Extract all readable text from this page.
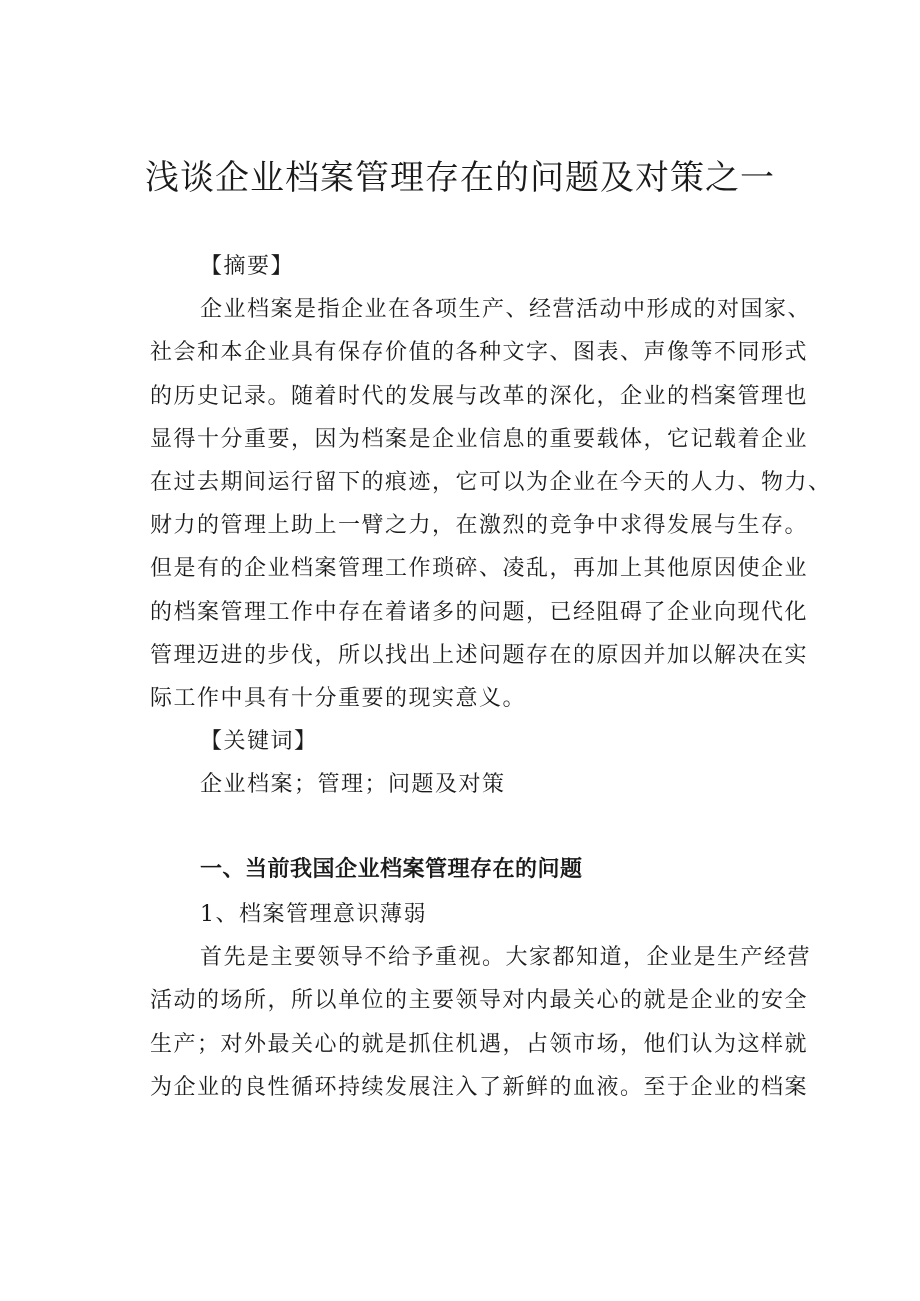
浅谈企业档案管理存在的问题及对策之一
【摘要】
企业档案是指企业在各项生产、经营活动中形成的对国家、
社会和本企业具有保存价值的各种文字、图表、声像等不同形式
的历史记录。随着时代的发展与改革的深化，企业的档案管理也
显得十分重要，因为档案是企业信息的重要载体，它记载着企业
在过去期间运行留下的痕迹，它可以为企业在今天的人力、物力、
财力的管理上助上一臂之力，在激烈的竞争中求得发展与生存。
但是有的企业档案管理工作琐碎、凌乱，再加上其他原因使企业
的档案管理工作中存在着诸多的问题，已经阻碍了企业向现代化
管理迈进的步伐，所以找出上述问题存在的原因并加以解决在实
际工作中具有十分重要的现实意义。
【关键词】
企业档案；管理；问题及对策
一、当前我国企业档案管理存在的问题
1、档案管理意识薄弱
首先是主要领导不给予重视。大家都知道，企业是生产经营
活动的场所，所以单位的主要领导对内最关心的就是企业的安全
生产；对外最关心的就是抓住机遇，占领市场，他们认为这样就
为企业的良性循环持续发展注入了新鲜的血液。至于企业的档案
